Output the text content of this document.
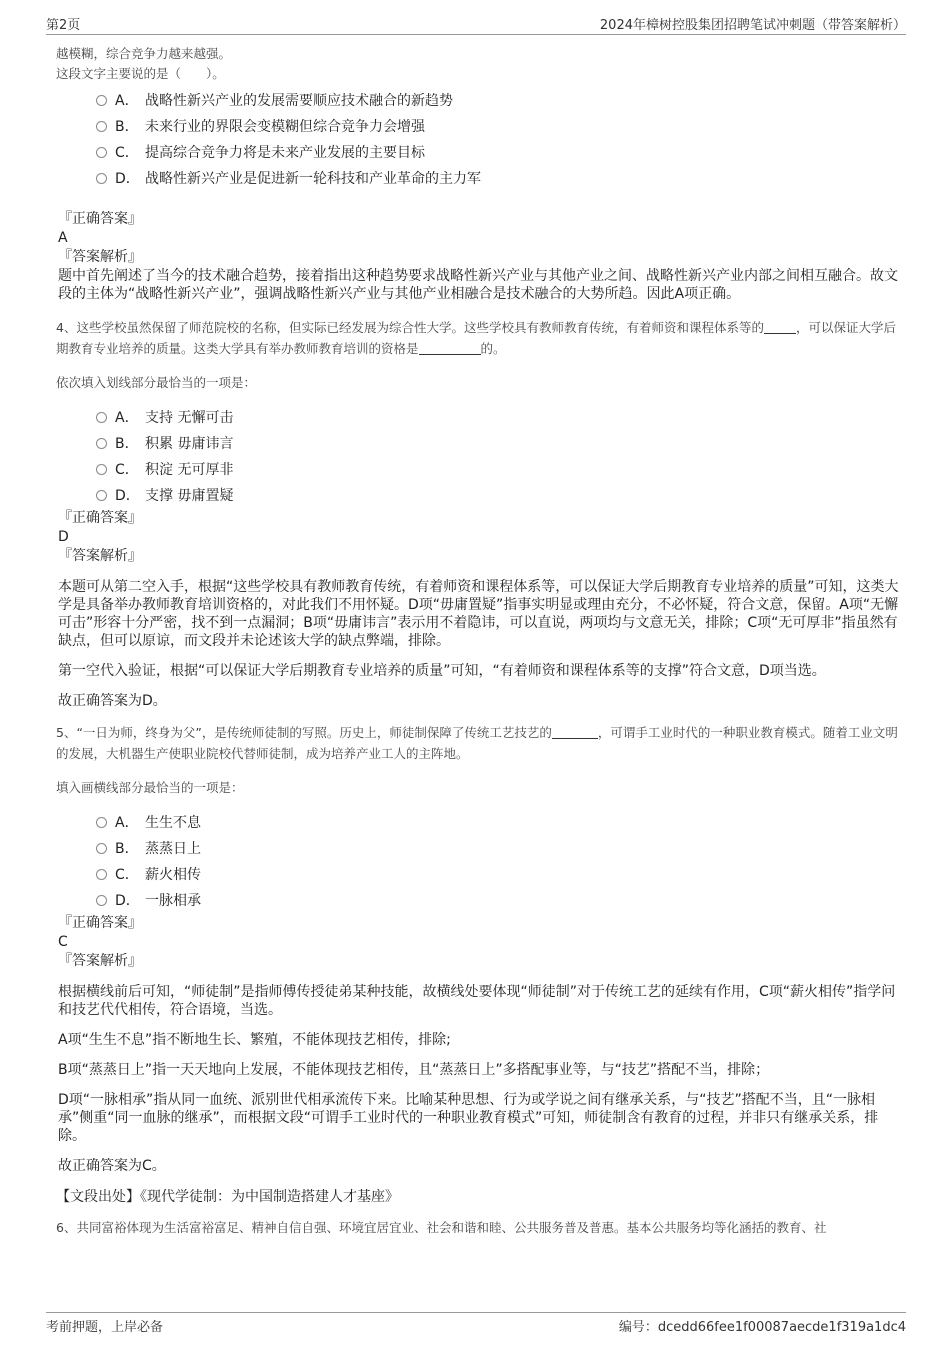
第2页	2024年樟树控股集团招聘笔试冲刺题（带答案解析）
越模糊，综合竞争力越来越强。
这段文字主要说的是（　　）。
A． 战略性新兴产业的发展需要顺应技术融合的新趋势
B． 未来行业的界限会变模糊但综合竞争力会增强
C． 提高综合竞争力将是未来产业发展的主要目标
D． 战略性新兴产业是促进新一轮科技和产业革命的主力军
『正确答案』
A
『答案解析』
题中首先阐述了当今的技术融合趋势，接着指出这种趋势要求战略性新兴产业与其他产业之间、战略性新兴产业内部之间相互融合。故文段的主体为“战略性新兴产业”，强调战略性新兴产业与其他产业相融合是技术融合的大势所趋。因此A项正确。
4、这些学校虽然保留了师范院校的名称，但实际已经发展为综合性大学。这些学校具有教师教育传统，有着师资和课程体系等的	，可以保证大学后期教育专业培养的质量。这类大学具有举办教师教育培训的资格是	的。
依次填入划线部分最恰当的一项是：
A． 支持 无懈可击
B． 积累 毋庸讳言
C． 积淀 无可厚非
D． 支撑 毋庸置疑
『正确答案』
D
『答案解析』
本题可从第二空入手，根据“这些学校具有教师教育传统，有着师资和课程体系等，可以保证大学后期教育专业培养的质量”可知，这类大学是具备举办教师教育培训资格的，对此我们不用怀疑。D项“毋庸置疑”指事实明显或理由充分，不必怀疑，符合文意，保留。A项“无懈可击”形容十分严密，找不到一点漏洞；B项“毋庸讳言”表示用不着隐讳，可以直说，两项均与文意无关，排除；C项“无可厚非”指虽然有缺点，但可以原谅，而文段并未论述该大学的缺点弊端，排除。
第一空代入验证，根据“可以保证大学后期教育专业培养的质量”可知，“有着师资和课程体系等的支撑”符合文意，D项当选。
故正确答案为D。
5、“一日为师，终身为父”，是传统师徒制的写照。历史上，师徒制保障了传统工艺技艺的	，可谓手工业时代的一种职业教育模式。随着工业文明的发展，大机器生产使职业院校代替师徒制，成为培养产业工人的主阵地。
填入画横线部分最恰当的一项是：
A． 生生不息
B． 蒸蒸日上
C． 薪火相传
D． 一脉相承
『正确答案』
C
『答案解析』
根据横线前后可知，“师徒制”是指师傅传授徒弟某种技能，故横线处要体现“师徒制”对于传统工艺的延续有作用，C项“薪火相传”指学问和技艺代代相传，符合语境，当选。
A项“生生不息”指不断地生长、繁殖，不能体现技艺相传，排除;
B项“蒸蒸日上”指一天天地向上发展，不能体现技艺相传，且“蒸蒸日上”多搭配事业等，与“技艺”搭配不当，排除；
D项“一脉相承”指从同一血统、派别世代相承流传下来。比喻某种思想、行为或学说之间有继承关系，与“技艺”搭配不当，且“一脉相承”侧重“同一血脉的继承”，而根据文段“可谓手工业时代的一种职业教育模式”可知，师徒制含有教育的过程，并非只有继承关系，排除。
故正确答案为C。
【文段出处】《现代学徒制：为中国制造搭建人才基座》
6、共同富裕体现为生活富裕富足、精神自信自强、环境宜居宜业、社会和谐和睦、公共服务普及普惠。基本公共服务均等化涵括的教育、社
考前押题，上岸必备	编号：dcedd66fee1f00087aecde1f319a1dc4
